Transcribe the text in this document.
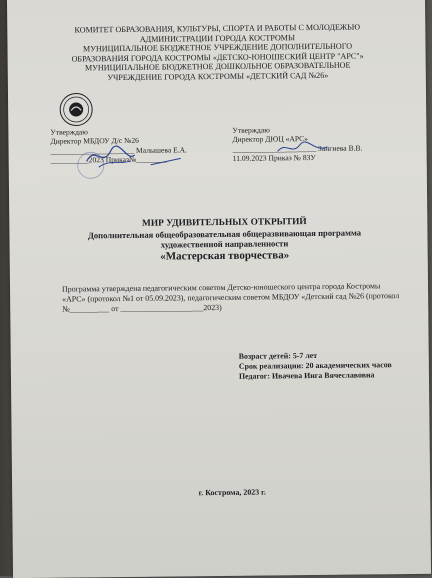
КОМИТЕТ ОБРАЗОВАНИЯ, КУЛЬТУРЫ, СПОРТА И РАБОТЫ С МОЛОДЕЖЬЮ
АДМИНИСТРАЦИИ ГОРОДА КОСТРОМЫ
МУНИЦИПАЛЬНОЕ БЮДЖЕТНОЕ УЧРЕЖДЕНИЕ ДОПОЛНИТЕЛЬНОГО
ОБРАЗОВАНИЯ ГОРОДА КОСТРОМЫ «ДЕТСКО-ЮНОШЕСКИЙ ЦЕНТР "АРС"»
МУНИЦИПАЛЬНОЕ БЮДЖЕТНОЕ ДОШКОЛЬНОЕ ОБРАЗОВАТЕЛЬНОЕ
УЧРЕЖДЕНИЕ ГОРОДА КОСТРОМЫ «ДЕТСКИЙ САД №26»
Утверждаю
Директор МБДОУ Д/с №26
______________________ Малышева Е.А.
__________2023 Приказ№________
Утверждаю
Директор ДЮЦ «АРС»
______________________ Зангиева В.В.
11.09.2023 Приказ № 83У
МИР УДИВИТЕЛЬНЫХ ОТКРЫТИЙ
Дополнительная общеобразовательная общеразвивающая программа
художественной направленности
«Мастерская творчества»
Программа утверждена педагогическим советом Детско-юношеского центра города Костромы «АРС» (протокол №1 от 05.09.2023), педагогическим советом МБДОУ «Детский сад №26 (протокол №__________ от _____________________2023)
Возраст детей: 5-7 лет
Срок реализации: 20 академических часов
Педагог: Ивачева Инга Вячеславовна
г. Кострома, 2023 г.
